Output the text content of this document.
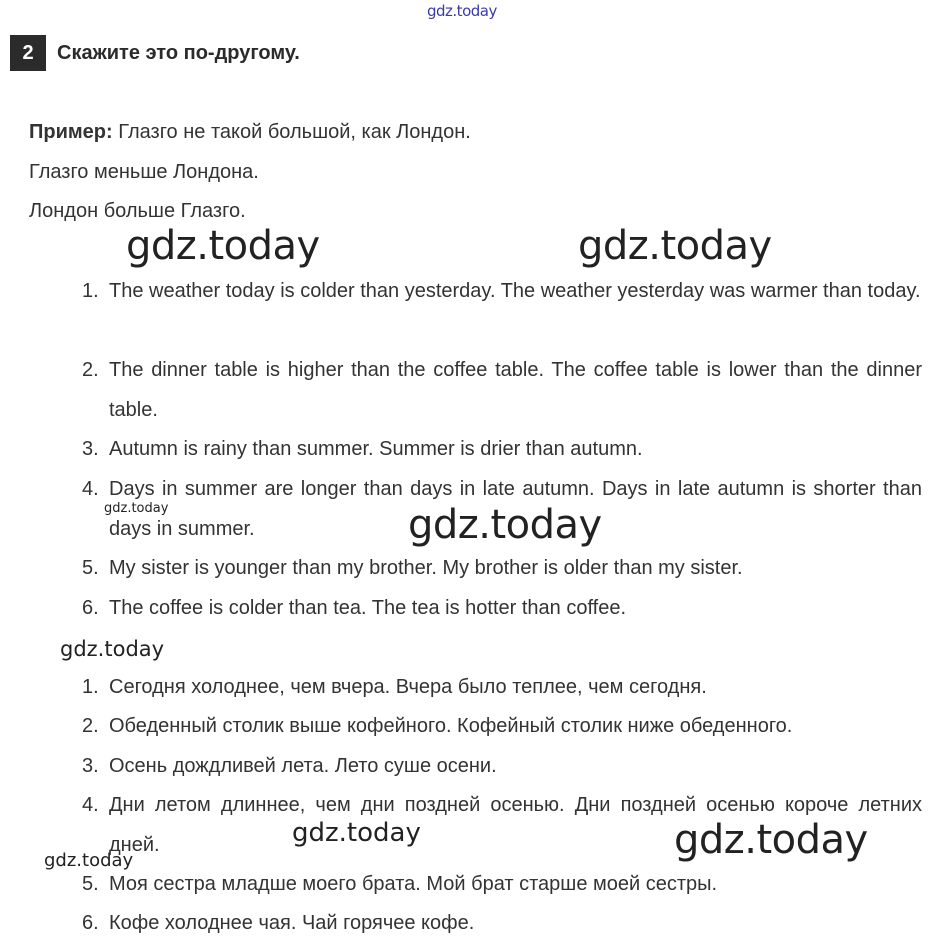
gdz.today
gdz.today	gdz.today
gdz.today	gdz.today
gdz.today
gdz.today	gdz.today
gdz.today
2	Скажите это по-другому.
Пример: Глазго не такой большой, как Лондон.
Глазго меньше Лондона.
Лондон больше Глазго.
1. The weather today is colder than yesterday. The weather yesterday was warmer than today.
2. The dinner table is higher than the coffee table. The coffee table is lower than the dinner table.
3. Autumn is rainy than summer. Summer is drier than autumn.
4. Days in summer are longer than days in late autumn. Days in late autumn is shorter than days in summer.
5. My sister is younger than my brother. My brother is older than my sister.
6. The coffee is colder than tea. The tea is hotter than coffee.
1. Сегодня холоднее, чем вчера. Вчера было теплее, чем сегодня.
2. Обеденный столик выше кофейного. Кофейный столик ниже обеденного.
3. Осень дождливей лета. Лето суше осени.
4. Дни летом длиннее, чем дни поздней осенью. Дни поздней осенью короче летних дней.
5. Моя сестра младше моего брата. Мой брат старше моей сестры.
6. Кофе холоднее чая. Чай горячее кофе.
